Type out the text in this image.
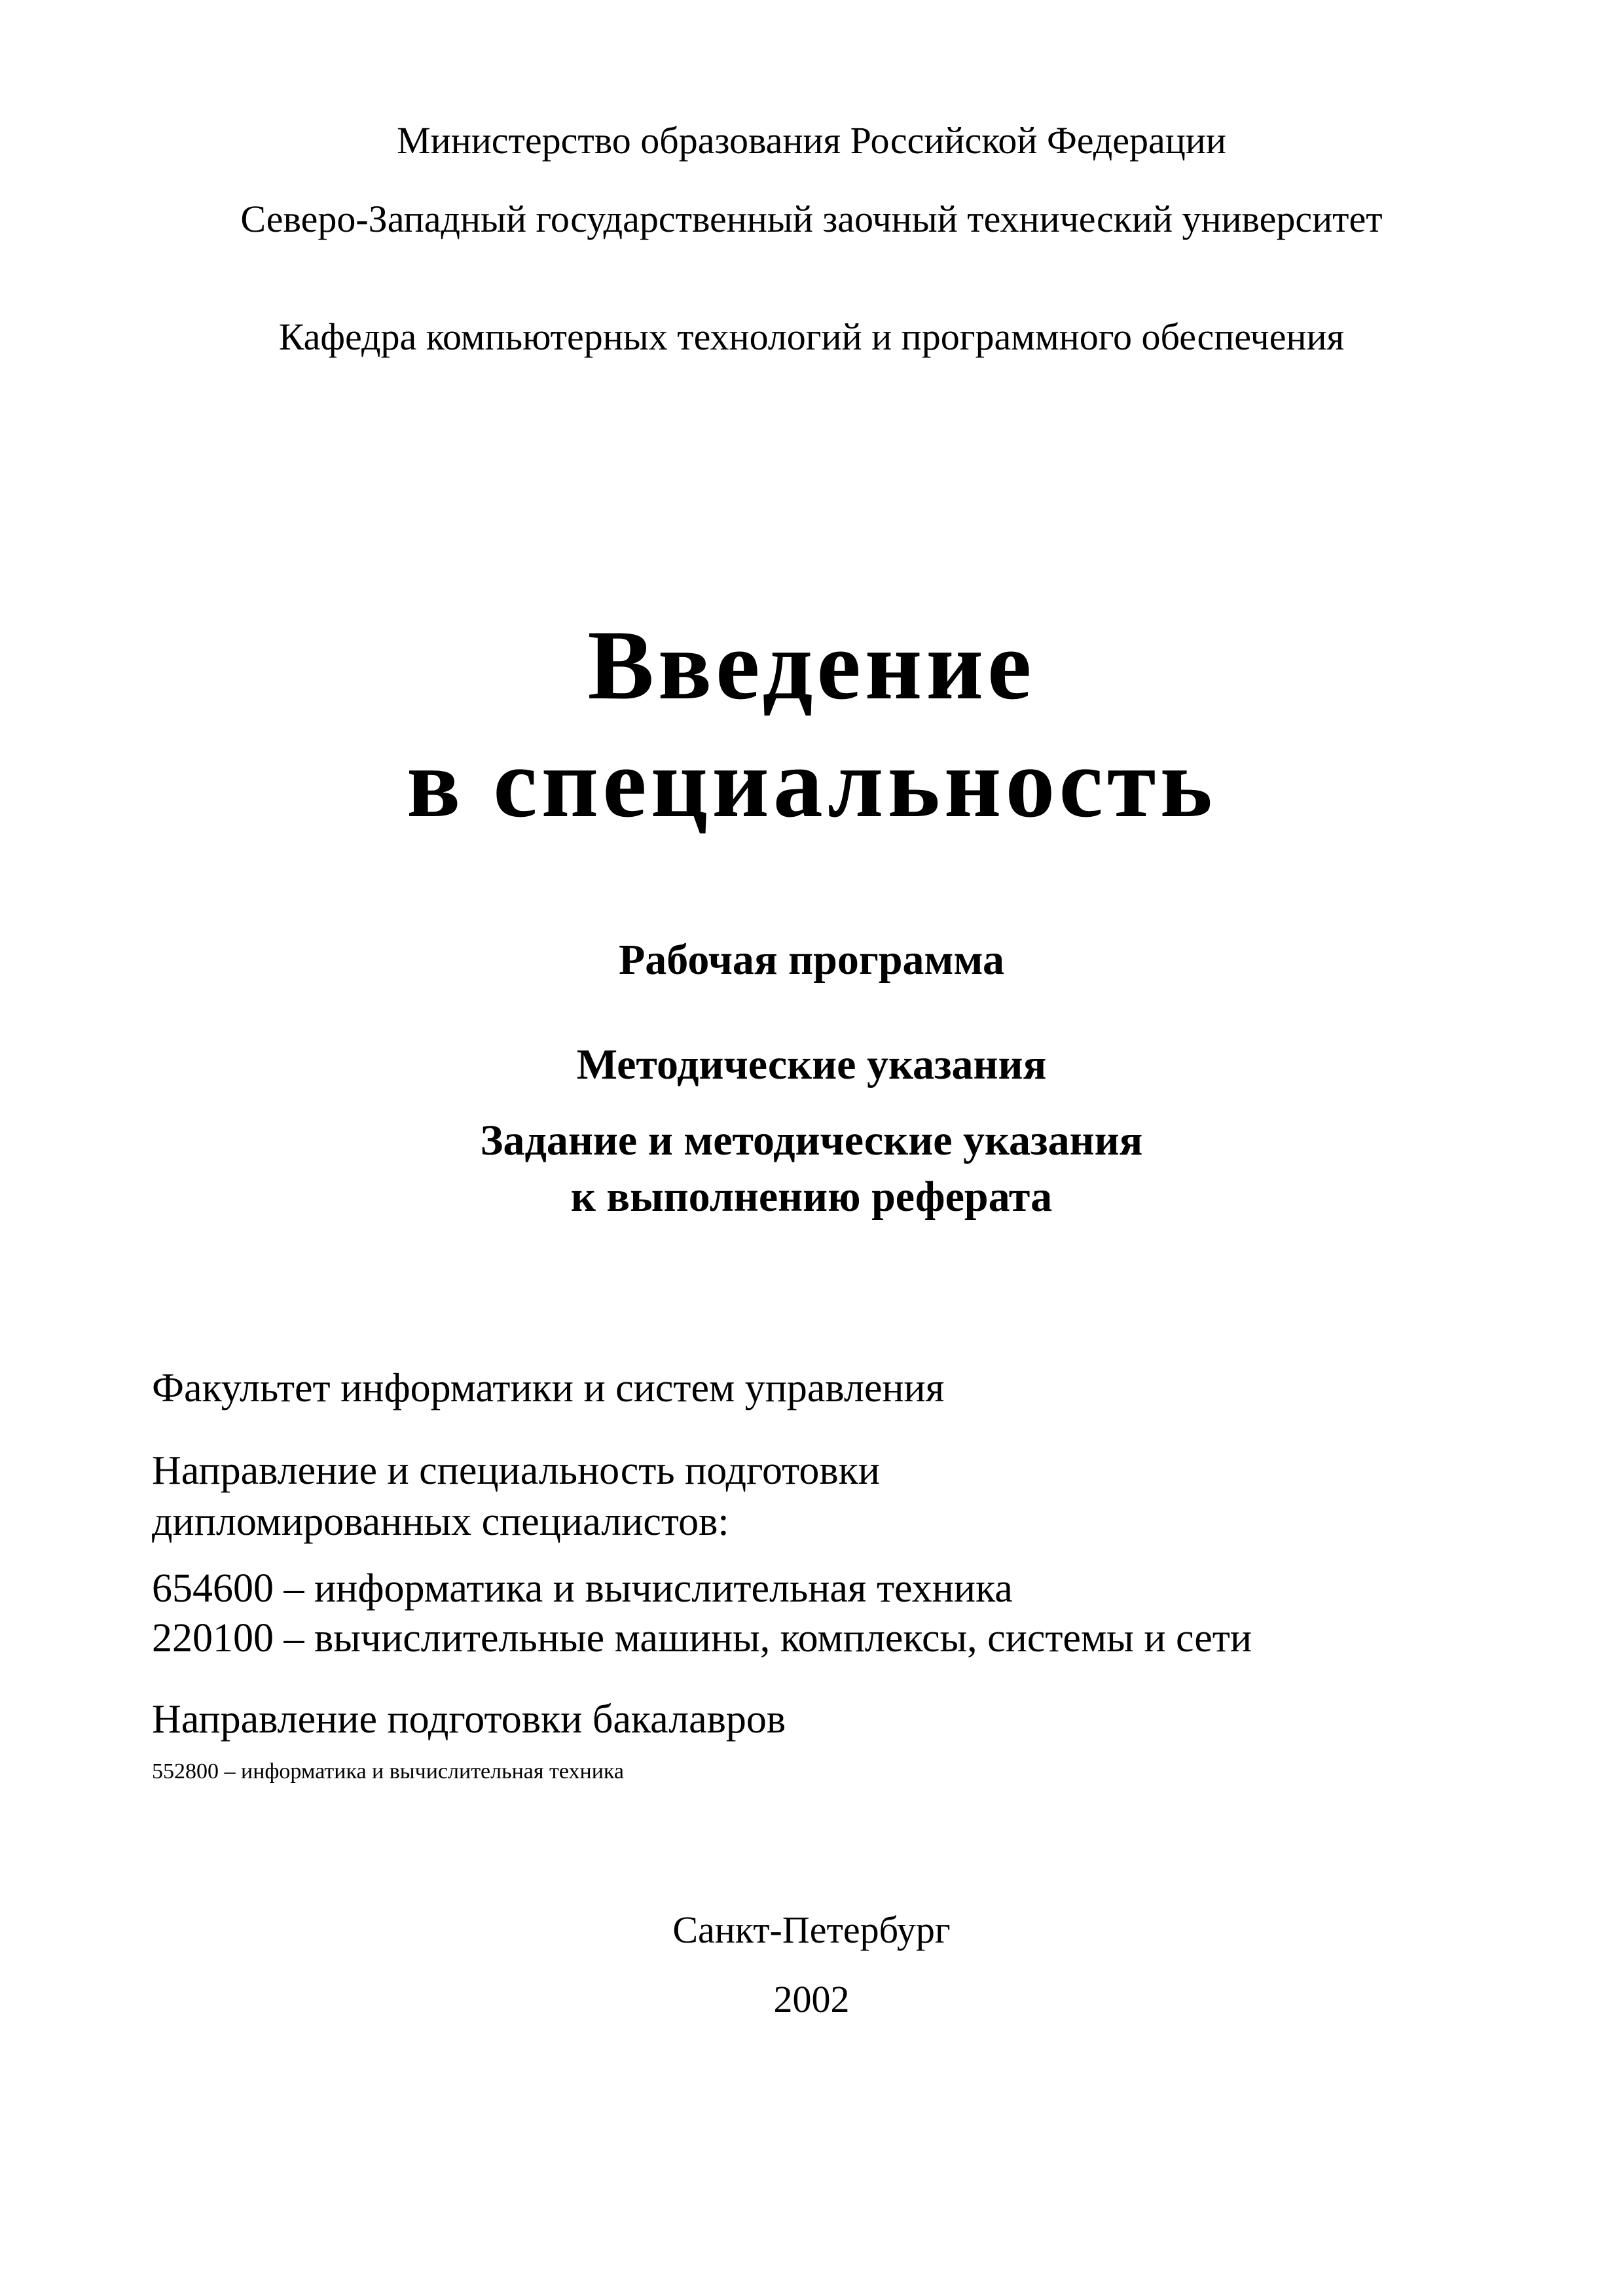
Министерство образования Российской Федерации
Северо-Западный государственный заочный технический университет
Кафедра компьютерных технологий и программного обеспечения
Введение
в специальность
Рабочая программа
Методические указания
Задание и методические указания
к выполнению реферата
Факультет информатики и систем управления
Направление и специальность подготовки
дипломированных специалистов:
654600 – информатика и вычислительная техника
220100 – вычислительные машины, комплексы, системы и сети
Направление подготовки бакалавров
552800 – информатика и вычислительная техника
Санкт-Петербург
2002
